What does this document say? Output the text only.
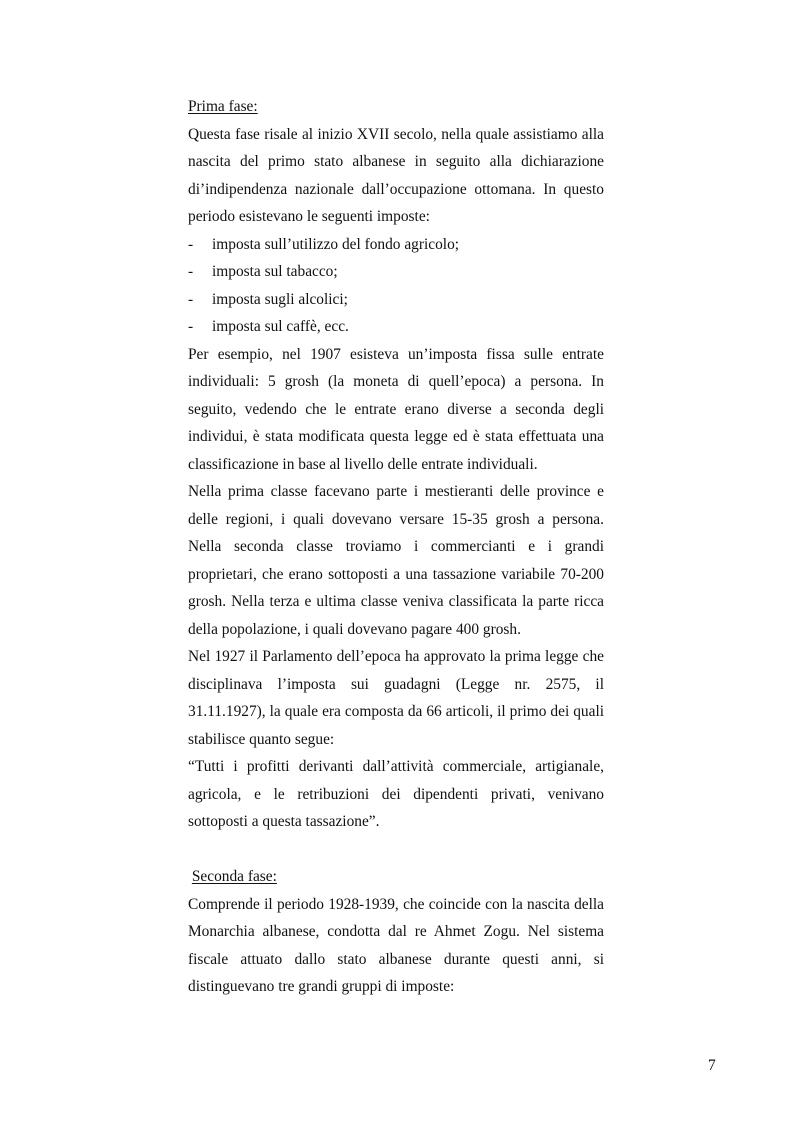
Prima fase:

Questa fase risale al inizio XVII secolo, nella quale assistiamo alla nascita del primo stato albanese in seguito alla dichiarazione di’indipendenza nazionale dall’occupazione ottomana. In questo periodo esistevano le seguenti imposte:

- imposta sull’utilizzo del fondo agricolo;
- imposta sul tabacco;
- imposta sugli alcolici;
- imposta sul caffè, ecc.

Per esempio, nel 1907 esisteva un’imposta fissa sulle entrate individuali: 5 grosh (la moneta di quell’epoca) a persona. In seguito, vedendo che le entrate erano diverse a seconda degli individui, è stata modificata questa legge ed è stata effettuata una classificazione in base al livello delle entrate individuali.

Nella prima classe facevano parte i mestieranti delle province e delle regioni, i quali dovevano versare 15-35 grosh a persona. Nella seconda classe troviamo i commercianti e i grandi proprietari, che erano sottoposti a una tassazione variabile 70-200 grosh. Nella terza e ultima classe veniva classificata la parte ricca della popolazione, i quali dovevano pagare 400 grosh.

Nel 1927 il Parlamento dell’epoca ha approvato la prima legge che disciplinava l’imposta sui guadagni (Legge nr. 2575, il 31.11.1927), la quale era composta da 66 articoli, il primo dei quali stabilisce quanto segue:

“Tutti i profitti derivanti dall’attività commerciale, artigianale, agricola, e le retribuzioni dei dipendenti privati, venivano sottoposti a questa tassazione”.

Seconda fase:

Comprende il periodo 1928-1939, che coincide con la nascita della Monarchia albanese, condotta dal re Ahmet Zogu. Nel sistema fiscale attuato dallo stato albanese durante questi anni, si distinguevano tre grandi gruppi di imposte:

7
